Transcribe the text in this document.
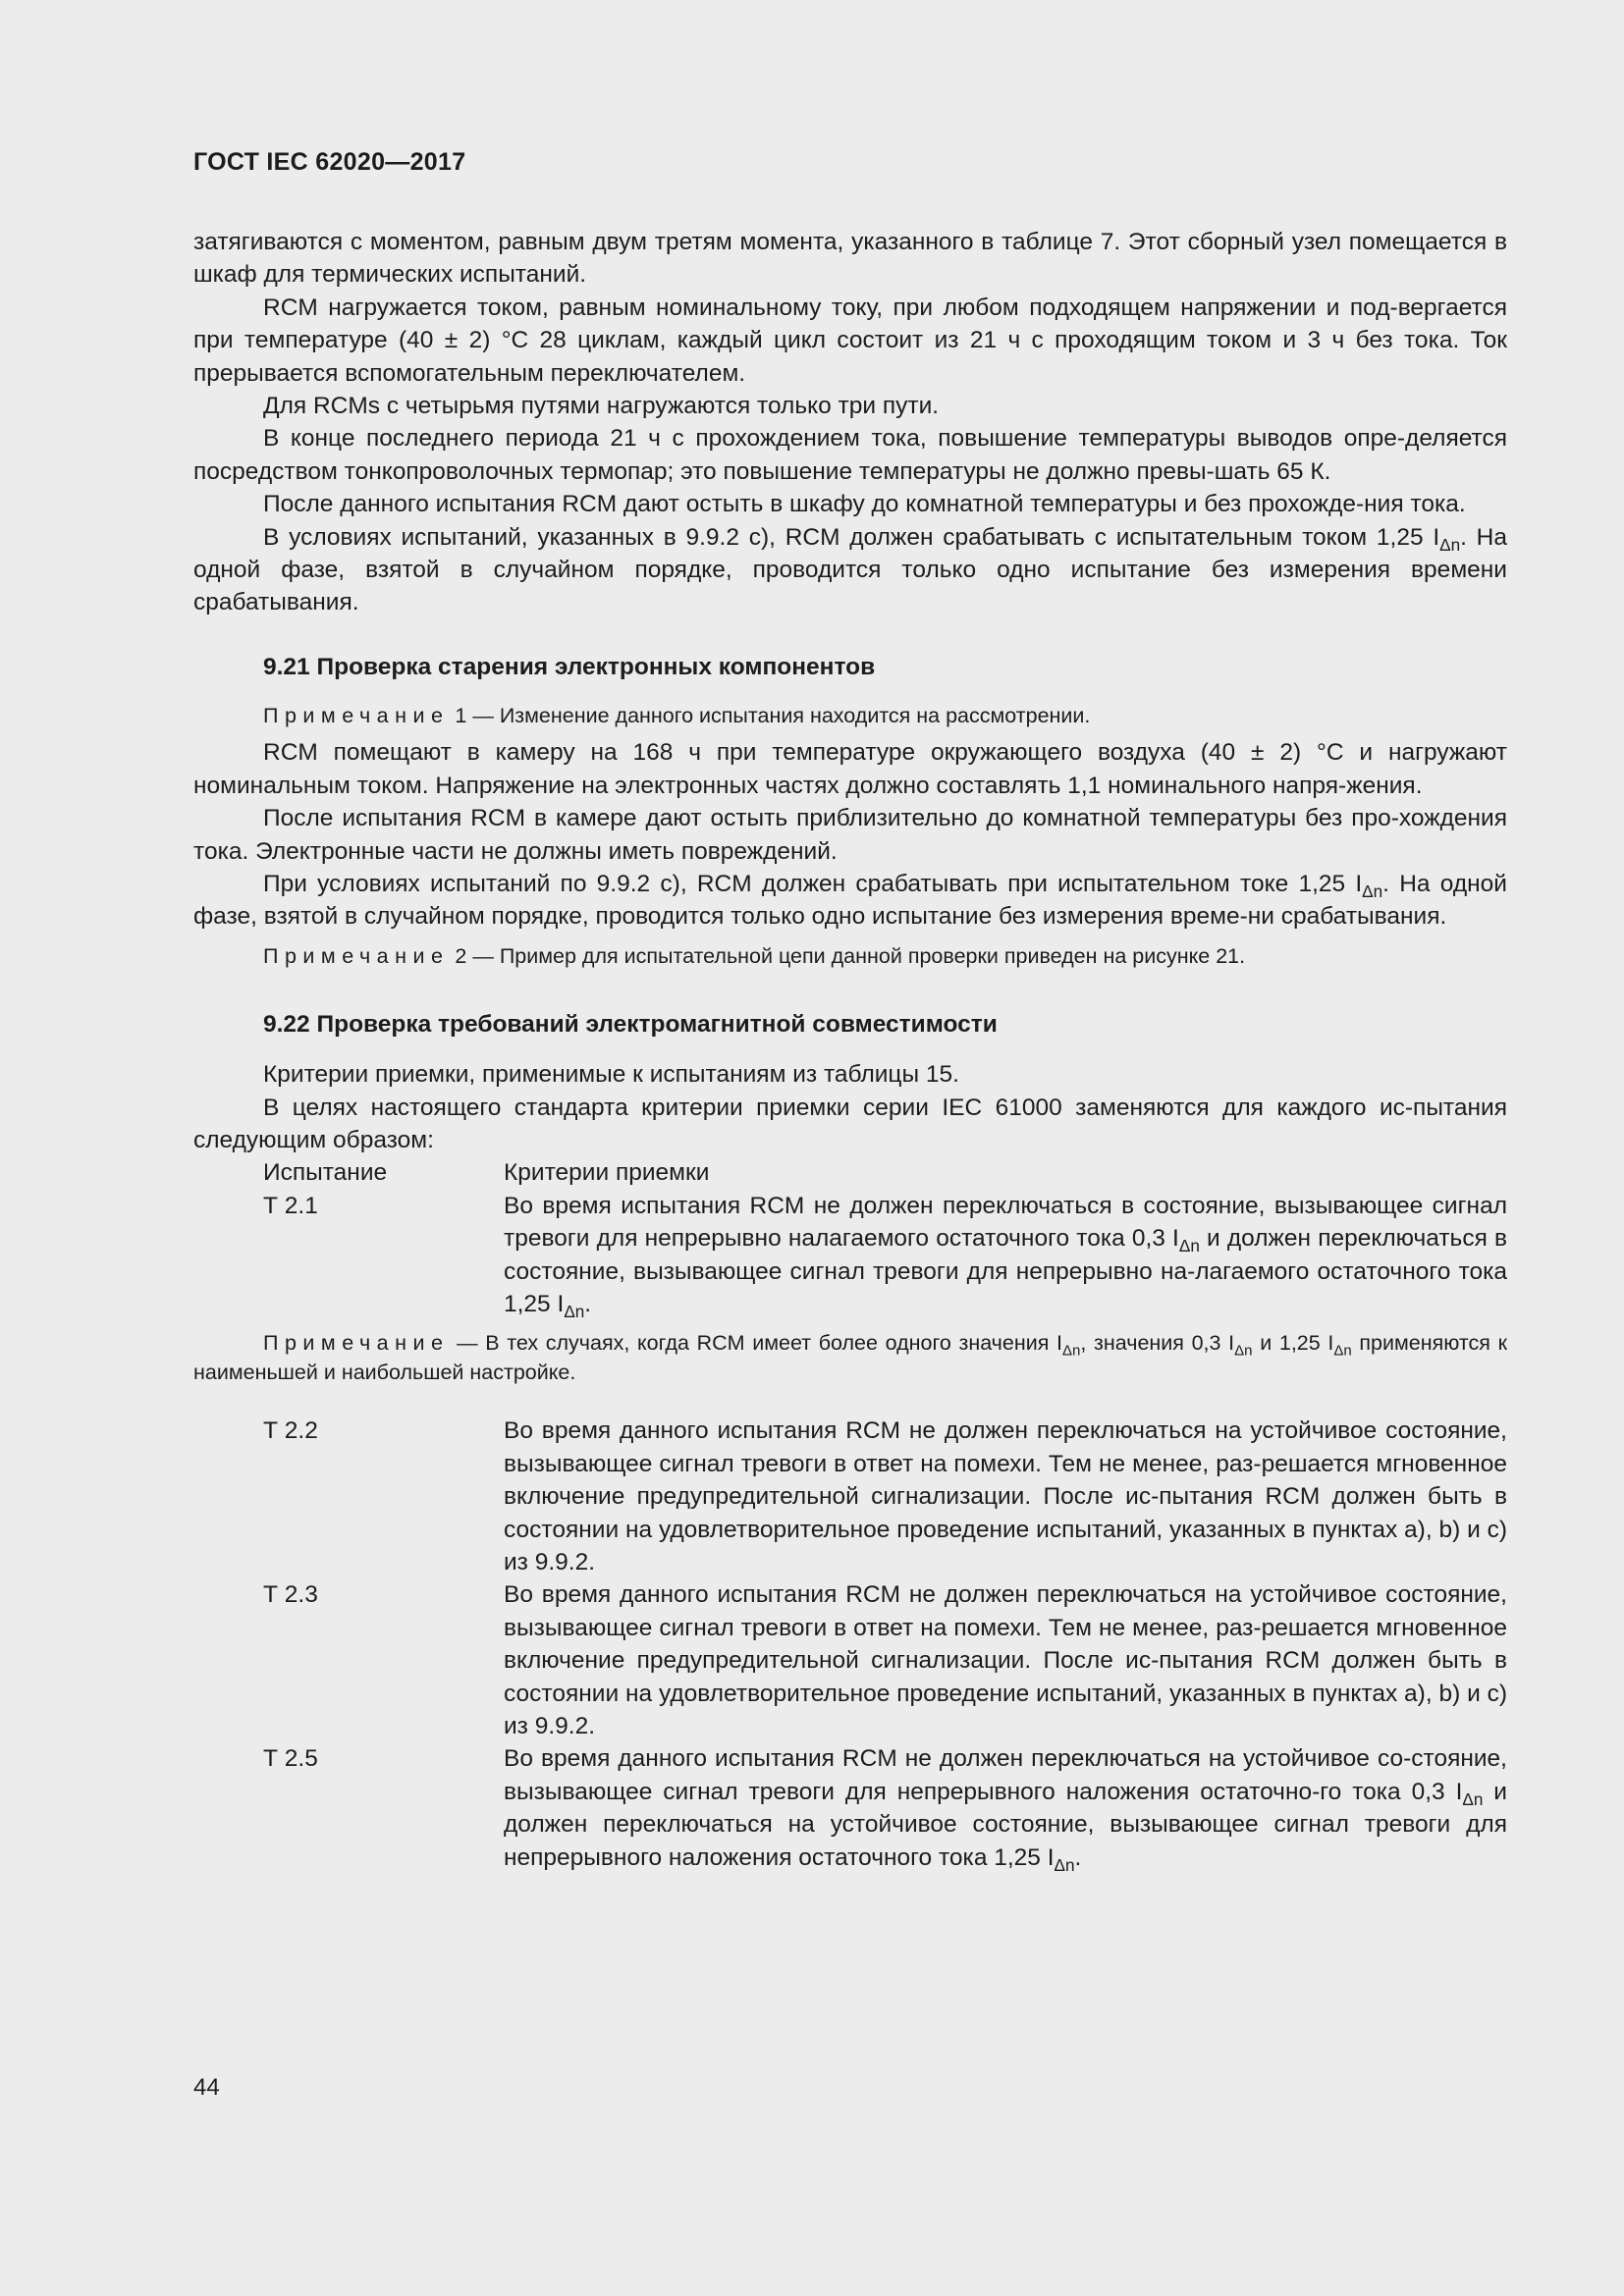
ГОСТ IEC 62020—2017

затягиваются с моментом, равным двум третям момента, указанного в таблице 7. Этот сборный узел помещается в шкаф для термических испытаний.

RCM нагружается током, равным номинальному току, при любом подходящем напряжении и под-вергается при температуре (40 ± 2) °С 28 циклам, каждый цикл состоит из 21 ч с проходящим током и 3 ч без тока. Ток прерывается вспомогательным переключателем.

Для RCMs с четырьмя путями нагружаются только три пути.

В конце последнего периода 21 ч с прохождением тока, повышение температуры выводов опре-деляется посредством тонкопроволочных термопар; это повышение температуры не должно превы-шать 65 К.

После данного испытания RCM дают остыть в шкафу до комнатной температуры и без прохожде-ния тока.

В условиях испытаний, указанных в 9.9.2 с), RCM должен срабатывать с испытательным током 1,25 $I_{\Delta n}$. На одной фазе, взятой в случайном порядке, проводится только одно испытание без измерения времени срабатывания.

9.21 Проверка старения электронных компонентов

Примечание 1 — Изменение данного испытания находится на рассмотрении.

RCM помещают в камеру на 168 ч при температуре окружающего воздуха (40 ± 2) °С и нагружают номинальным током. Напряжение на электронных частях должно составлять 1,1 номинального напря-жения.

После испытания RCM в камере дают остыть приблизительно до комнатной температуры без про-хождения тока. Электронные части не должны иметь повреждений.

При условиях испытаний по 9.9.2 с), RCM должен срабатывать при испытательном токе 1,25 $I_{\Delta n}$. На одной фазе, взятой в случайном порядке, проводится только одно испытание без измерения време-ни срабатывания.

Примечание 2 — Пример для испытательной цепи данной проверки приведен на рисунке 21.

9.22 Проверка требований электромагнитной совместимости

Критерии приемки, применимые к испытаниям из таблицы 15.

В целях настоящего стандарта критерии приемки серии IEC 61000 заменяются для каждого ис-пытания следующим образом:

Испытание	Критерии приемки
Т 2.1	Во время испытания RCM не должен переключаться в состояние, вызывающее сигнал тревоги для непрерывно налагаемого остаточного тока 0,3 $I_{\Delta n}$ и должен переключаться в состояние, вызывающее сигнал тревоги для непрерывно на-лагаемого остаточного тока 1,25 $I_{\Delta n}$.

Примечание — В тех случаях, когда RCM имеет более одного значения $I_{\Delta n}$, значения 0,3 $I_{\Delta n}$ и 1,25 $I_{\Delta n}$ применяются к наименьшей и наибольшей настройке.

Т 2.2	Во время данного испытания RCM не должен переключаться на устойчивое состояние, вызывающее сигнал тревоги в ответ на помехи. Тем не менее, раз-решается мгновенное включение предупредительной сигнализации. После ис-пытания RCM должен быть в состоянии на удовлетворительное проведение испытаний, указанных в пунктах а), b) и с) из 9.9.2.
Т 2.3	Во время данного испытания RCM не должен переключаться на устойчивое состояние, вызывающее сигнал тревоги в ответ на помехи. Тем не менее, раз-решается мгновенное включение предупредительной сигнализации. После ис-пытания RCM должен быть в состоянии на удовлетворительное проведение испытаний, указанных в пунктах а), b) и с) из 9.9.2.
Т 2.5	Во время данного испытания RCM не должен переключаться на устойчивое со-стояние, вызывающее сигнал тревоги для непрерывного наложения остаточно-го тока 0,3 $I_{\Delta n}$ и должен переключаться на устойчивое состояние, вызывающее сигнал тревоги для непрерывного наложения остаточного тока 1,25 $I_{\Delta n}$.
44
